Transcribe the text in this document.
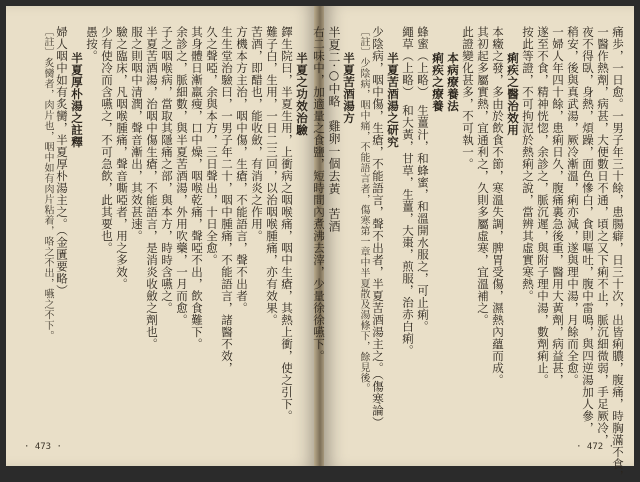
半夏之功效治驗
鐸生院曰，半夏生用，上衝病之咽喉痛，咽中生瘡，其熱上衝，使之引下。
難子白，生用，一日二三回，以治咽喉腫痛，亦有效果。
苦酒，即醋也，能收斂，有消炎之作用。
方機本方主治，咽中傷，生瘡，不能語言，聲不出者。
生生堂治驗曰，一男子年二十，咽中腫痛，不能語言，諸醫不效，
久之聲啞，余與本方，三日聲出，十日全愈。
其身體日漸羸瘦，口中燥，咽喉乾痛，聲啞不出，飲食難下。
余診之，脈細數，與半夏苦酒湯，外用吹藥，一月而愈。
子之咽喉病，當取其隱痛之部，與本方，時時含嚥之。
半夏苦酒湯，治咽中傷生瘡，不能語言，是消炎收斂之劑也。
服之則咽中清潤，聲音漸出，其效甚速。
驗之臨床，凡咽喉腫痛，聲音嘶啞者，用之多效。
少有使冷而含嚥之，不可急飲，此其要也。
愚按。
半夏厚朴湯之註釋
婦人咽中如有炙臠，半夏厚朴湯主之。（金匱要略）
〔註〕炙臠者，肉片也，咽中如有肉片粘着，咯之不出，嚥之不下。
· 473 ·	痛歩，一日愈。一男子年三十餘，患腸癖，日三十次，出皆痢膿，腹痛，時胸滿不食，
一醫作熱劑，病甚，大便數日不通，頃之又下痢不止，脈沉細微弱，手足厥冷，
夜不得臥，身熱，煩躁，面色慘白，食則嘔吐，腹中雷鳴，與四逆湯加人參，
稍安，後與真武湯，厥冷漸溫，痢亦減，遂與理中湯，月餘而全愈。
一婦人年四十餘，患痢日久，腹痛裏急後重，醫用大黃劑，病益甚，
遂至不食，精神恍惚，余診之，脈沉遲，與附子理中湯，數劑痢止。
按此等證，不可拘泥於熱痢之說，當辨其虛實寒熱。
痢疾之醫治效用
本癥之發，多由於飲食不節，寒溫失調，脾胃受傷，濕熱內蘊而成。
其初起多屬實熱，宜通利之，久則多屬虛寒，宜溫補之。
此證變化甚多，不可執一。
本病療養法
痢疾之療養
蜂蜜（上略）　生薑汁，和蜂蜜，和溫開水服之，可止痢。
繩草（上略）　和大黃，甘草，生薑，大棗，煎服，治赤白痢。
半夏苦酒湯之研究
少陰病，咽中傷，生瘡，不能語言，聲不出者，半夏苦酒湯主之。（傷寒論）
〔註〕少陰病，咽中痛，不能語言者，傷寒第一章中半夏散及湯條下，餘見後。
半夏苦酒湯方
半夏二·○中略　雞卵一個去黃　苦酒
右二味中，加適量之食鹽，短時間內煮沸去滓，少量徐徐嚥下。
· 472 ·
